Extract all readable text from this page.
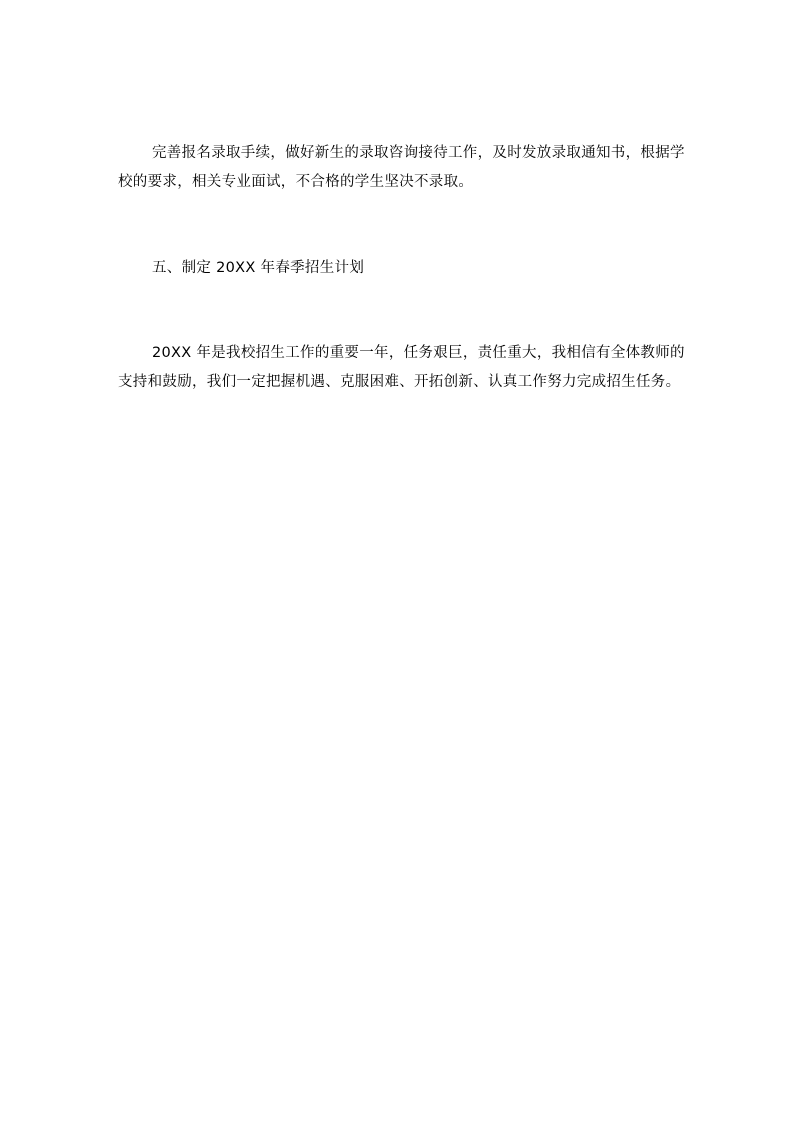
完善报名录取手续，做好新生的录取咨询接待工作，及时发放录取通知书，根据学校的要求，相关专业面试，不合格的学生坚决不录取。

五、制定 20XX 年春季招生计划

20XX 年是我校招生工作的重要一年，任务艰巨，责任重大，我相信有全体教师的支持和鼓励，我们一定把握机遇、克服困难、开拓创新、认真工作努力完成招生任务。
